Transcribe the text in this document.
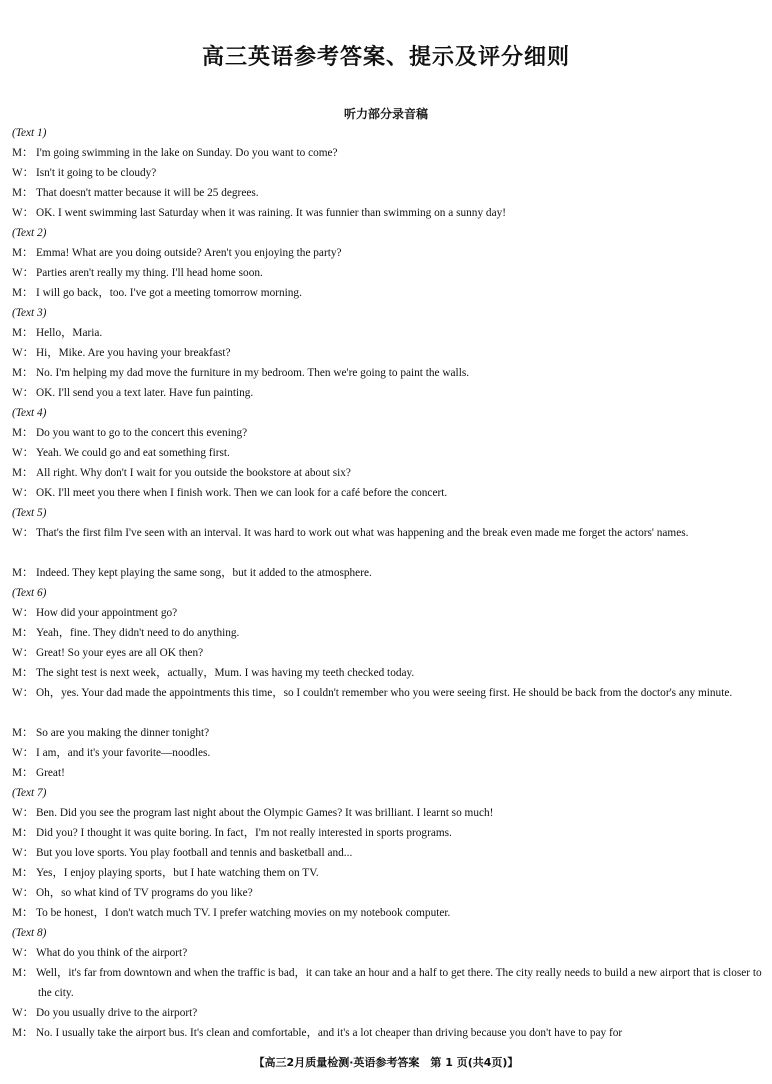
高三英语参考答案、提示及评分细则
听力部分录音稿
(Text 1)
M： I'm going swimming in the lake on Sunday. Do you want to come?
W： Isn't it going to be cloudy?
M： That doesn't matter because it will be 25 degrees.
W： OK. I went swimming last Saturday when it was raining. It was funnier than swimming on a sunny day!
(Text 2)
M： Emma! What are you doing outside? Aren't you enjoying the party?
W： Parties aren't really my thing. I'll head home soon.
M： I will go back，too. I've got a meeting tomorrow morning.
(Text 3)
M： Hello，Maria.
W： Hi，Mike. Are you having your breakfast?
M： No. I'm helping my dad move the furniture in my bedroom. Then we're going to paint the walls.
W： OK. I'll send you a text later. Have fun painting.
(Text 4)
M： Do you want to go to the concert this evening?
W： Yeah. We could go and eat something first.
M： All right. Why don't I wait for you outside the bookstore at about six?
W： OK. I'll meet you there when I finish work. Then we can look for a café before the concert.
(Text 5)
W： That's the first film I've seen with an interval. It was hard to work out what was happening and the break even made me forget the actors' names.
M： Indeed. They kept playing the same song，but it added to the atmosphere.
(Text 6)
W： How did your appointment go?
M： Yeah，fine. They didn't need to do anything.
W： Great! So your eyes are all OK then?
M： The sight test is next week，actually，Mum. I was having my teeth checked today.
W： Oh，yes. Your dad made the appointments this time，so I couldn't remember who you were seeing first. He should be back from the doctor's any minute.
M： So are you making the dinner tonight?
W： I am，and it's your favorite—noodles.
M： Great!
(Text 7)
W： Ben. Did you see the program last night about the Olympic Games? It was brilliant. I learnt so much!
M： Did you? I thought it was quite boring. In fact，I'm not really interested in sports programs.
W： But you love sports. You play football and tennis and basketball and...
M： Yes，I enjoy playing sports，but I hate watching them on TV.
W： Oh，so what kind of TV programs do you like?
M： To be honest，I don't watch much TV. I prefer watching movies on my notebook computer.
(Text 8)
W： What do you think of the airport?
M： Well，it's far from downtown and when the traffic is bad，it can take an hour and a half to get there. The city really needs to build a new airport that is closer to the city.
W： Do you usually drive to the airport?
M： No. I usually take the airport bus. It's clean and comfortable，and it's a lot cheaper than driving because you don't have to pay for
【高三2月质量检测·英语参考答案　第 1 页(共4页)】
